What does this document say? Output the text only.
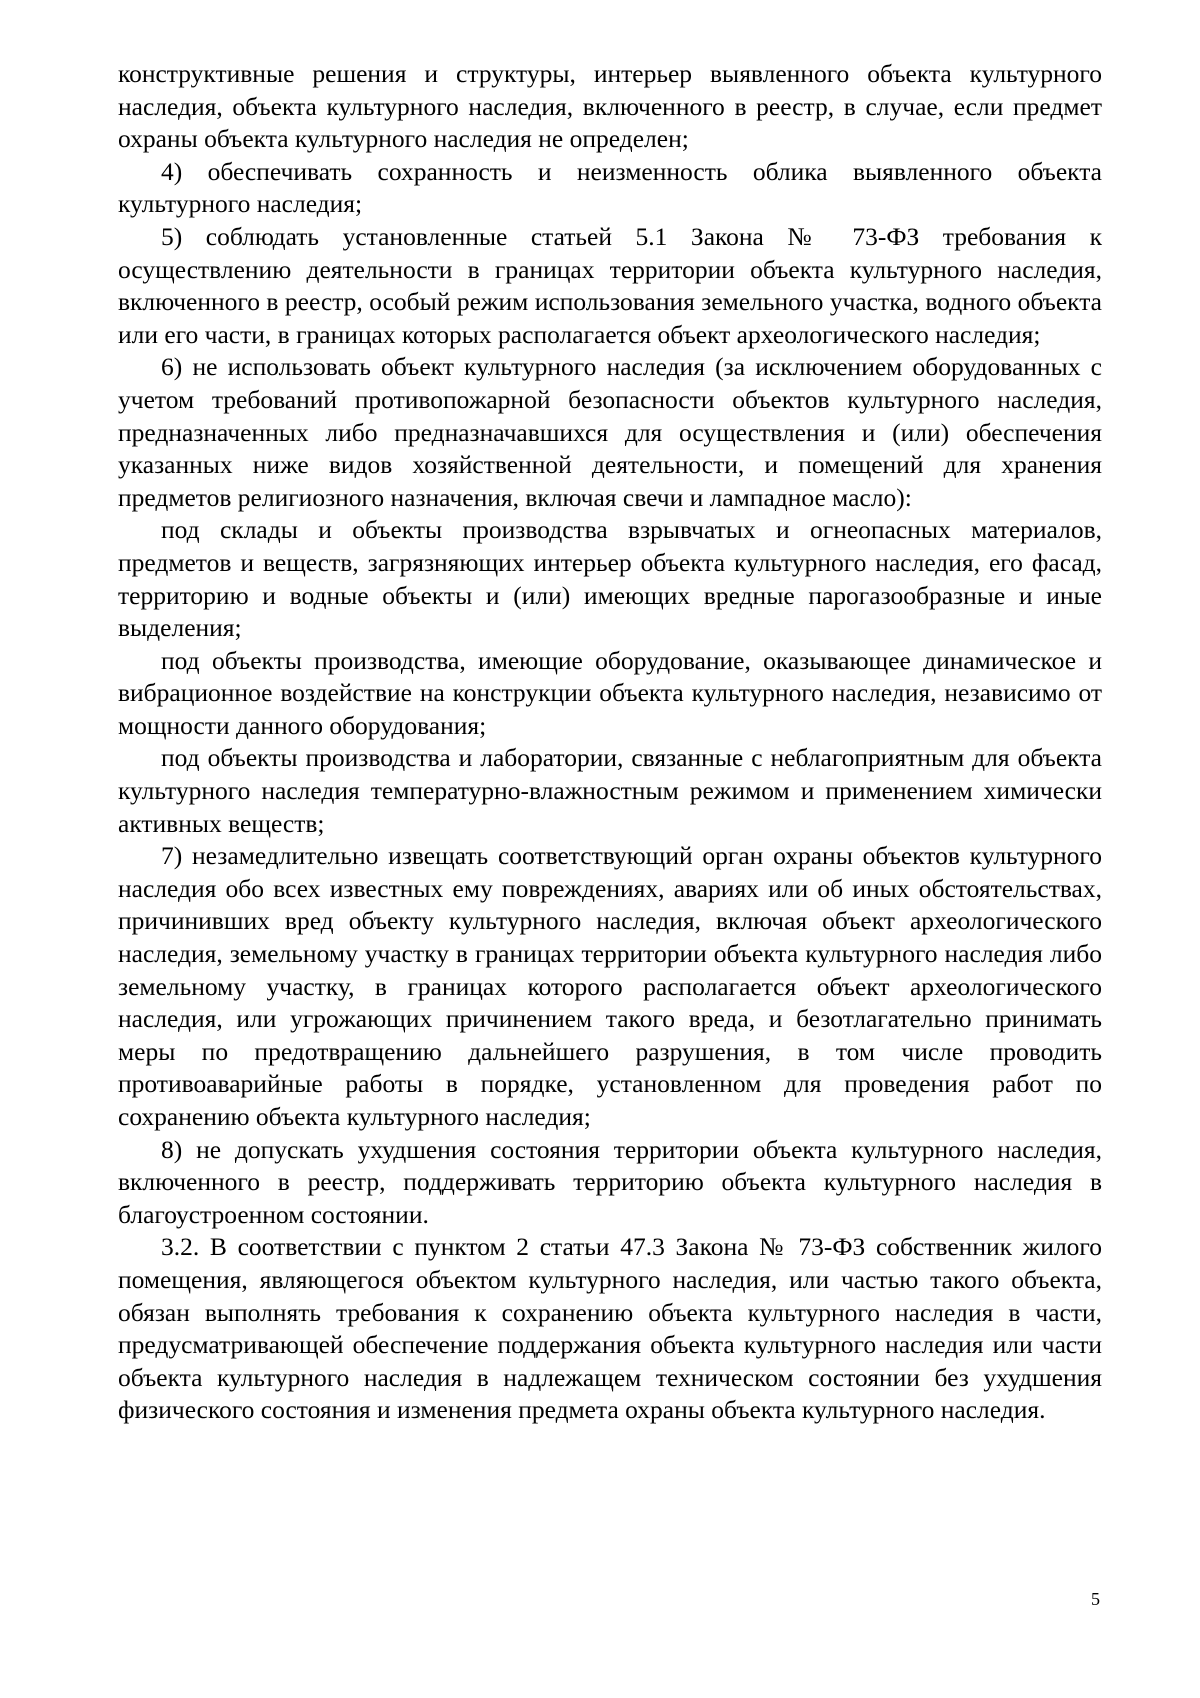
конструктивные решения и структуры, интерьер выявленного объекта культурного наследия, объекта культурного наследия, включенного в реестр, в случае, если предмет охраны объекта культурного наследия не определен;

4) обеспечивать сохранность и неизменность облика выявленного объекта культурного наследия;

5) соблюдать установленные статьей 5.1 Закона № 73-ФЗ требования к осуществлению деятельности в границах территории объекта культурного наследия, включенного в реестр, особый режим использования земельного участка, водного объекта или его части, в границах которых располагается объект археологического наследия;

6) не использовать объект культурного наследия (за исключением оборудованных с учетом требований противопожарной безопасности объектов культурного наследия, предназначенных либо предназначавшихся для осуществления и (или) обеспечения указанных ниже видов хозяйственной деятельности, и помещений для хранения предметов религиозного назначения, включая свечи и лампадное масло):

под склады и объекты производства взрывчатых и огнеопасных материалов, предметов и веществ, загрязняющих интерьер объекта культурного наследия, его фасад, территорию и водные объекты и (или) имеющих вредные парогазообразные и иные выделения;

под объекты производства, имеющие оборудование, оказывающее динамическое и вибрационное воздействие на конструкции объекта культурного наследия, независимо от мощности данного оборудования;

под объекты производства и лаборатории, связанные с неблагоприятным для объекта культурного наследия температурно-влажностным режимом и применением химически активных веществ;

7) незамедлительно извещать соответствующий орган охраны объектов культурного наследия обо всех известных ему повреждениях, авариях или об иных обстоятельствах, причинивших вред объекту культурного наследия, включая объект археологического наследия, земельному участку в границах территории объекта культурного наследия либо земельному участку, в границах которого располагается объект археологического наследия, или угрожающих причинением такого вреда, и безотлагательно принимать меры по предотвращению дальнейшего разрушения, в том числе проводить противоаварийные работы в порядке, установленном для проведения работ по сохранению объекта культурного наследия;

8) не допускать ухудшения состояния территории объекта культурного наследия, включенного в реестр, поддерживать территорию объекта культурного наследия в благоустроенном состоянии.

3.2. В соответствии с пунктом 2 статьи 47.3 Закона № 73-ФЗ собственник жилого помещения, являющегося объектом культурного наследия, или частью такого объекта, обязан выполнять требования к сохранению объекта культурного наследия в части, предусматривающей обеспечение поддержания объекта культурного наследия или части объекта культурного наследия в надлежащем техническом состоянии без ухудшения физического состояния и изменения предмета охраны объекта культурного наследия.

5
